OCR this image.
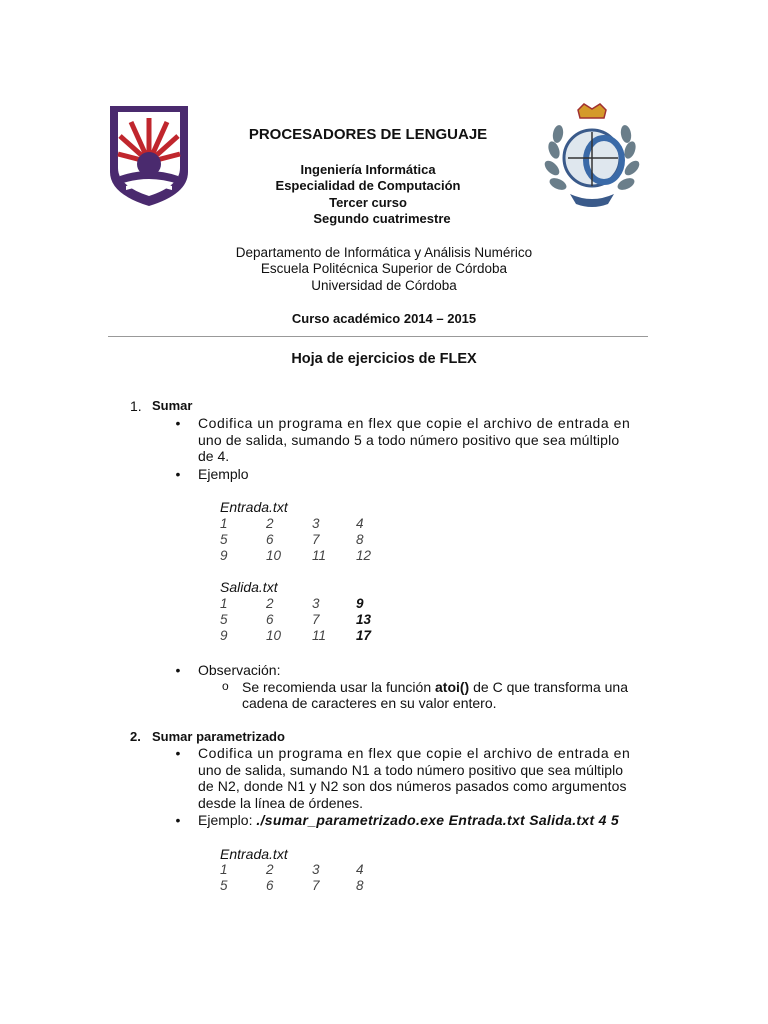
PROCESADORES DE LENGUAJE
Ingeniería Informática
Especialidad de Computación
Tercer curso
Segundo cuatrimestre
Departamento de Informática y Análisis Numérico
Escuela Politécnica Superior de Córdoba
Universidad de Córdoba
Curso académico 2014 – 2015
Hoja de ejercicios de FLEX
1. Sumar
• Codifica un programa en flex que copie el archivo de entrada en
uno de salida, sumando 5 a todo número positivo que sea múltiplo
de 4.
• Ejemplo
Entrada.txt
1	2	3	4
5	6	7	8
9	10 11 12
Salida.txt
1	2	3	9
5	6	7	13
9	10 11 17
• Observación:
o Se recomienda usar la función atoi() de C que transforma una
cadena de caracteres en su valor entero.
2. Sumar parametrizado
• Codifica un programa en flex que copie el archivo de entrada en
uno de salida, sumando N1 a todo número positivo que sea múltiplo
de N2, donde N1 y N2 son dos números pasados como argumentos
desde la línea de órdenes.
• Ejemplo: ./sumar_parametrizado.exe Entrada.txt Salida.txt 4 5
Entrada.txt
1	2	3	4
5	6	7	8
